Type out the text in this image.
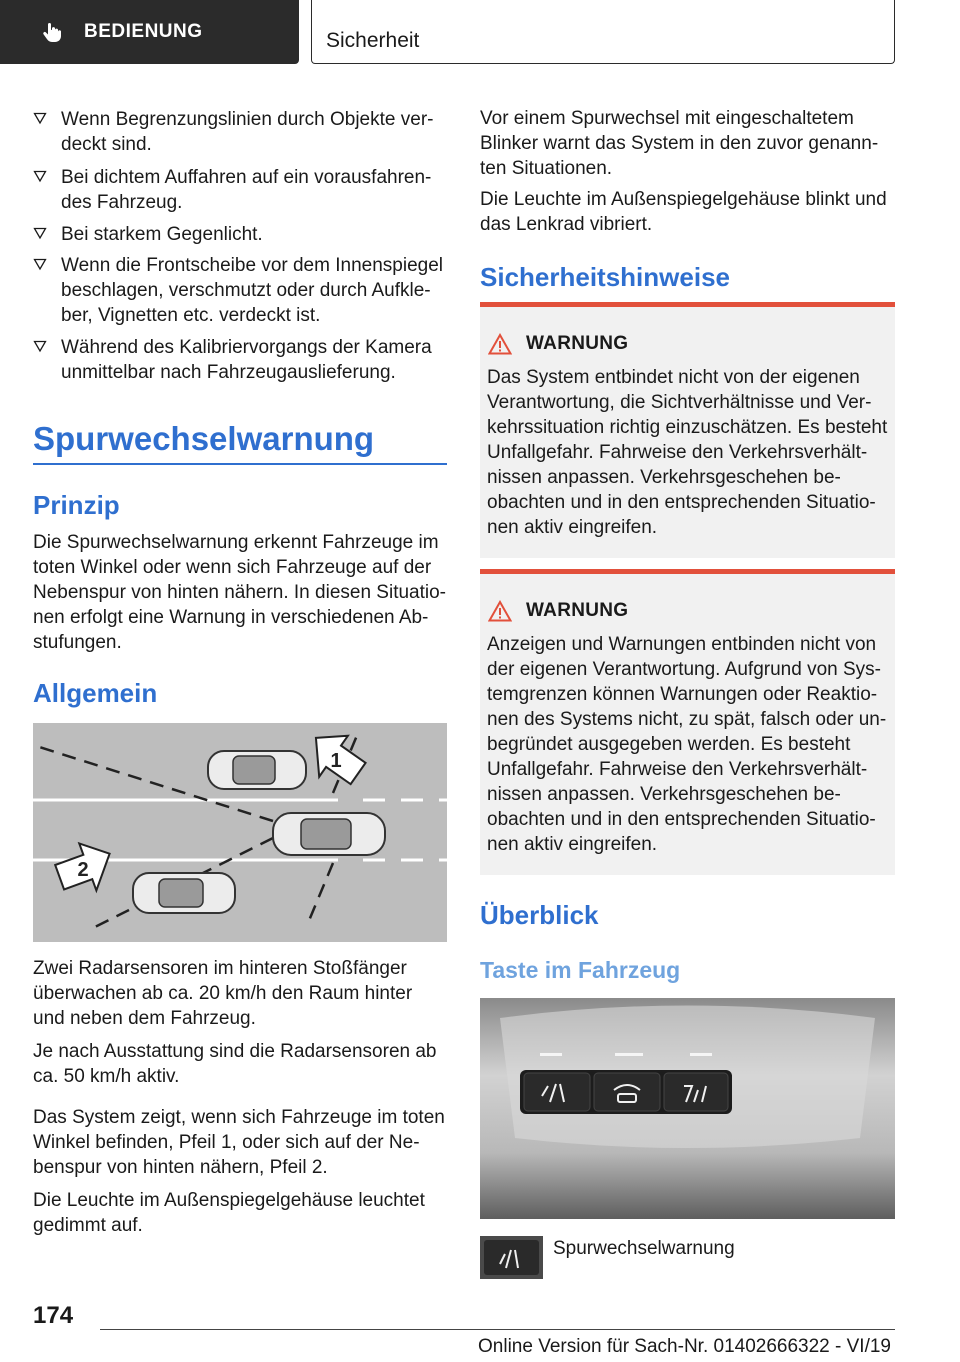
BEDIENUNG	Sicherheit
Wenn Begrenzungslinien durch Objekte ver-
deckt sind.
Bei dichtem Auffahren auf ein vorausfahren-
des Fahrzeug.
Bei starkem Gegenlicht.
Wenn die Frontscheibe vor dem Innenspiegel
beschlagen, verschmutzt oder durch Aufkle-
ber, Vignetten etc. verdeckt ist.
Während des Kalibriervorgangs der Kamera
unmittelbar nach Fahrzeugauslieferung.
Spurwechselwarnung
Prinzip
Die Spurwechselwarnung erkennt Fahrzeuge im
toten Winkel oder wenn sich Fahrzeuge auf der
Nebenspur von hinten nähern. In diesen Situatio-
nen erfolgt eine Warnung in verschiedenen Ab-
stufungen.
Allgemein
1
2
Zwei Radarsensoren im hinteren Stoßfänger
überwachen ab ca. 20 km/h den Raum hinter
und neben dem Fahrzeug.
Je nach Ausstattung sind die Radarsensoren ab
ca. 50 km/h aktiv.
Das System zeigt, wenn sich Fahrzeuge im toten
Winkel befinden, Pfeil 1, oder sich auf der Ne-
benspur von hinten nähern, Pfeil 2.
Die Leuchte im Außenspiegelgehäuse leuchtet
gedimmt auf.
Vor einem Spurwechsel mit eingeschaltetem
Blinker warnt das System in den zuvor genann-
ten Situationen.
Die Leuchte im Außenspiegelgehäuse blinkt und
das Lenkrad vibriert.
Sicherheitshinweise
WARNUNG
Das System entbindet nicht von der eigenen
Verantwortung, die Sichtverhältnisse und Ver-
kehrssituation richtig einzuschätzen. Es besteht
Unfallgefahr. Fahrweise den Verkehrsverhält-
nissen anpassen. Verkehrsgeschehen be-
obachten und in den entsprechenden Situatio-
nen aktiv eingreifen.
WARNUNG
Anzeigen und Warnungen entbinden nicht von
der eigenen Verantwortung. Aufgrund von Sys-
temgrenzen können Warnungen oder Reaktio-
nen des Systems nicht, zu spät, falsch oder un-
begründet ausgegeben werden. Es besteht
Unfallgefahr. Fahrweise den Verkehrsverhält-
nissen anpassen. Verkehrsgeschehen be-
obachten und in den entsprechenden Situatio-
nen aktiv eingreifen.
Überblick
Taste im Fahrzeug
Spurwechselwarnung
174
Online Version für Sach-Nr. 01402666322 - VI/19
